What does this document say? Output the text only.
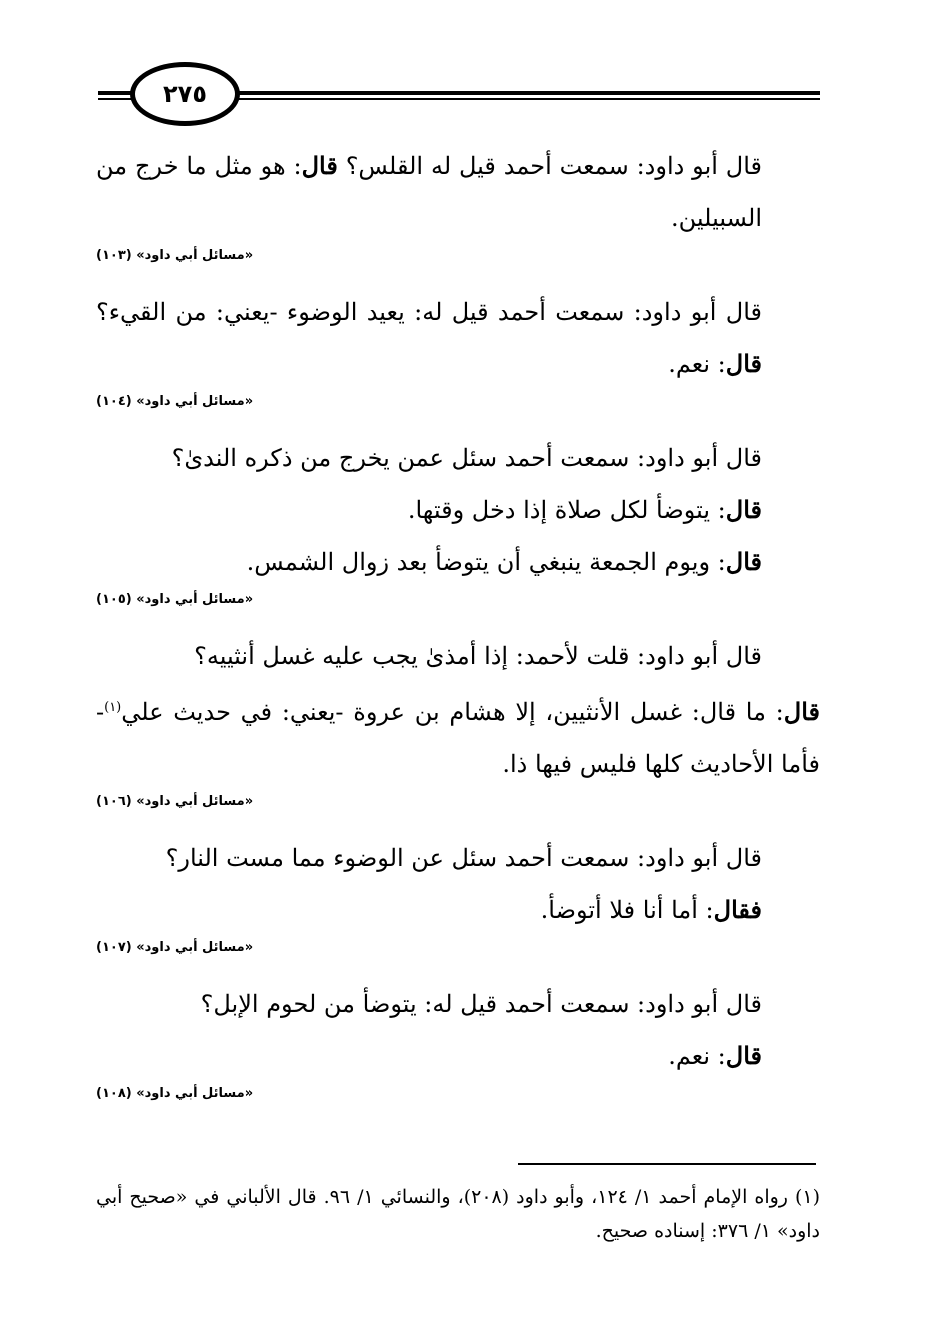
٢٧٥
قال أبو داود: سمعت أحمد قيل له القلس؟ قال: هو مثل ما خرج من السبيلين.
«مسائل أبي داود» (١٠٣)
قال أبو داود: سمعت أحمد قيل له: يعيد الوضوء -يعني: من القيء؟ قال: نعم.
«مسائل أبي داود» (١٠٤)
قال أبو داود: سمعت أحمد سئل عمن يخرج من ذكره الندىٰ؟
قال: يتوضأ لكل صلاة إذا دخل وقتها.
قال: ويوم الجمعة ينبغي أن يتوضأ بعد زوال الشمس.
«مسائل أبي داود» (١٠٥)
قال أبو داود: قلت لأحمد: إذا أمذىٰ يجب عليه غسل أنثييه؟
قال: ما قال: غسل الأنثيين، إلا هشام بن عروة -يعني: في حديث علي$^{(١)}$- فأما الأحاديث كلها فليس فيها ذا.
«مسائل أبي داود» (١٠٦)
قال أبو داود: سمعت أحمد سئل عن الوضوء مما مست النار؟
فقال: أما أنا فلا أتوضأ.
«مسائل أبي داود» (١٠٧)
قال أبو داود: سمعت أحمد قيل له: يتوضأ من لحوم الإبل؟
قال: نعم.
«مسائل أبي داود» (١٠٨)
(١) رواه الإمام أحمد ١/ ١٢٤، وأبو داود (٢٠٨)، والنسائي ١/ ٩٦. قال الألباني في «صحيح أبي داود» ١/ ٣٧٦: إسناده صحيح.
